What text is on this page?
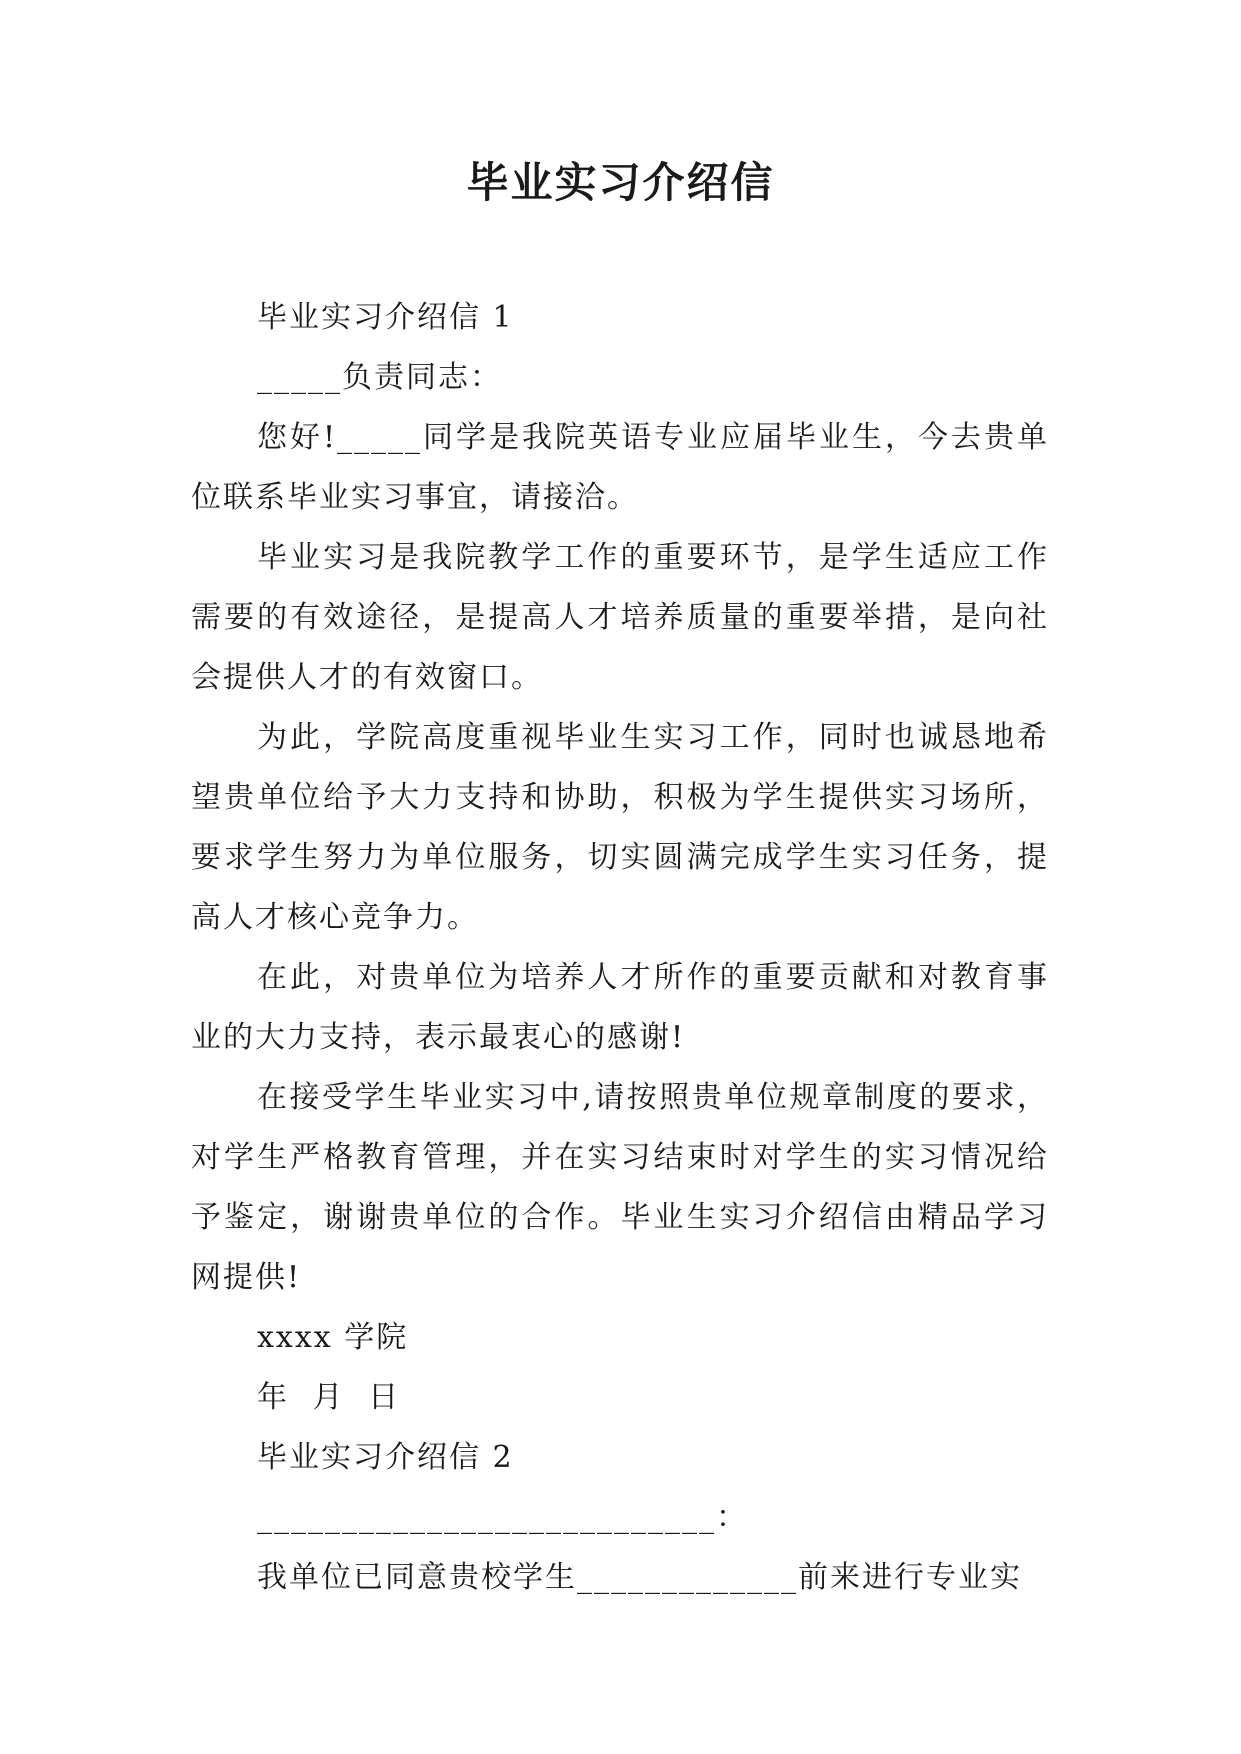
毕业实习介绍信

毕业实习介绍信 1

_____负责同志：

您好!_____同学是我院英语专业应届毕业生，今去贵单位联系毕业实习事宜，请接洽。

毕业实习是我院教学工作的重要环节，是学生适应工作需要的有效途径，是提高人才培养质量的重要举措，是向社会提供人才的有效窗口。

为此，学院高度重视毕业生实习工作，同时也诚恳地希望贵单位给予大力支持和协助，积极为学生提供实习场所，要求学生努力为单位服务，切实圆满完成学生实习任务，提高人才核心竞争力。

在此，对贵单位为培养人才所作的重要贡献和对教育事业的大力支持，表示最衷心的感谢!

在接受学生毕业实习中,请按照贵单位规章制度的要求，对学生严格教育管理，并在实习结束时对学生的实习情况给予鉴定，谢谢贵单位的合作。毕业生实习介绍信由精品学习网提供!

xxxx 学院

年 月 日

毕业实习介绍信 2

___________________________：

我单位已同意贵校学生_____________前来进行专业实
